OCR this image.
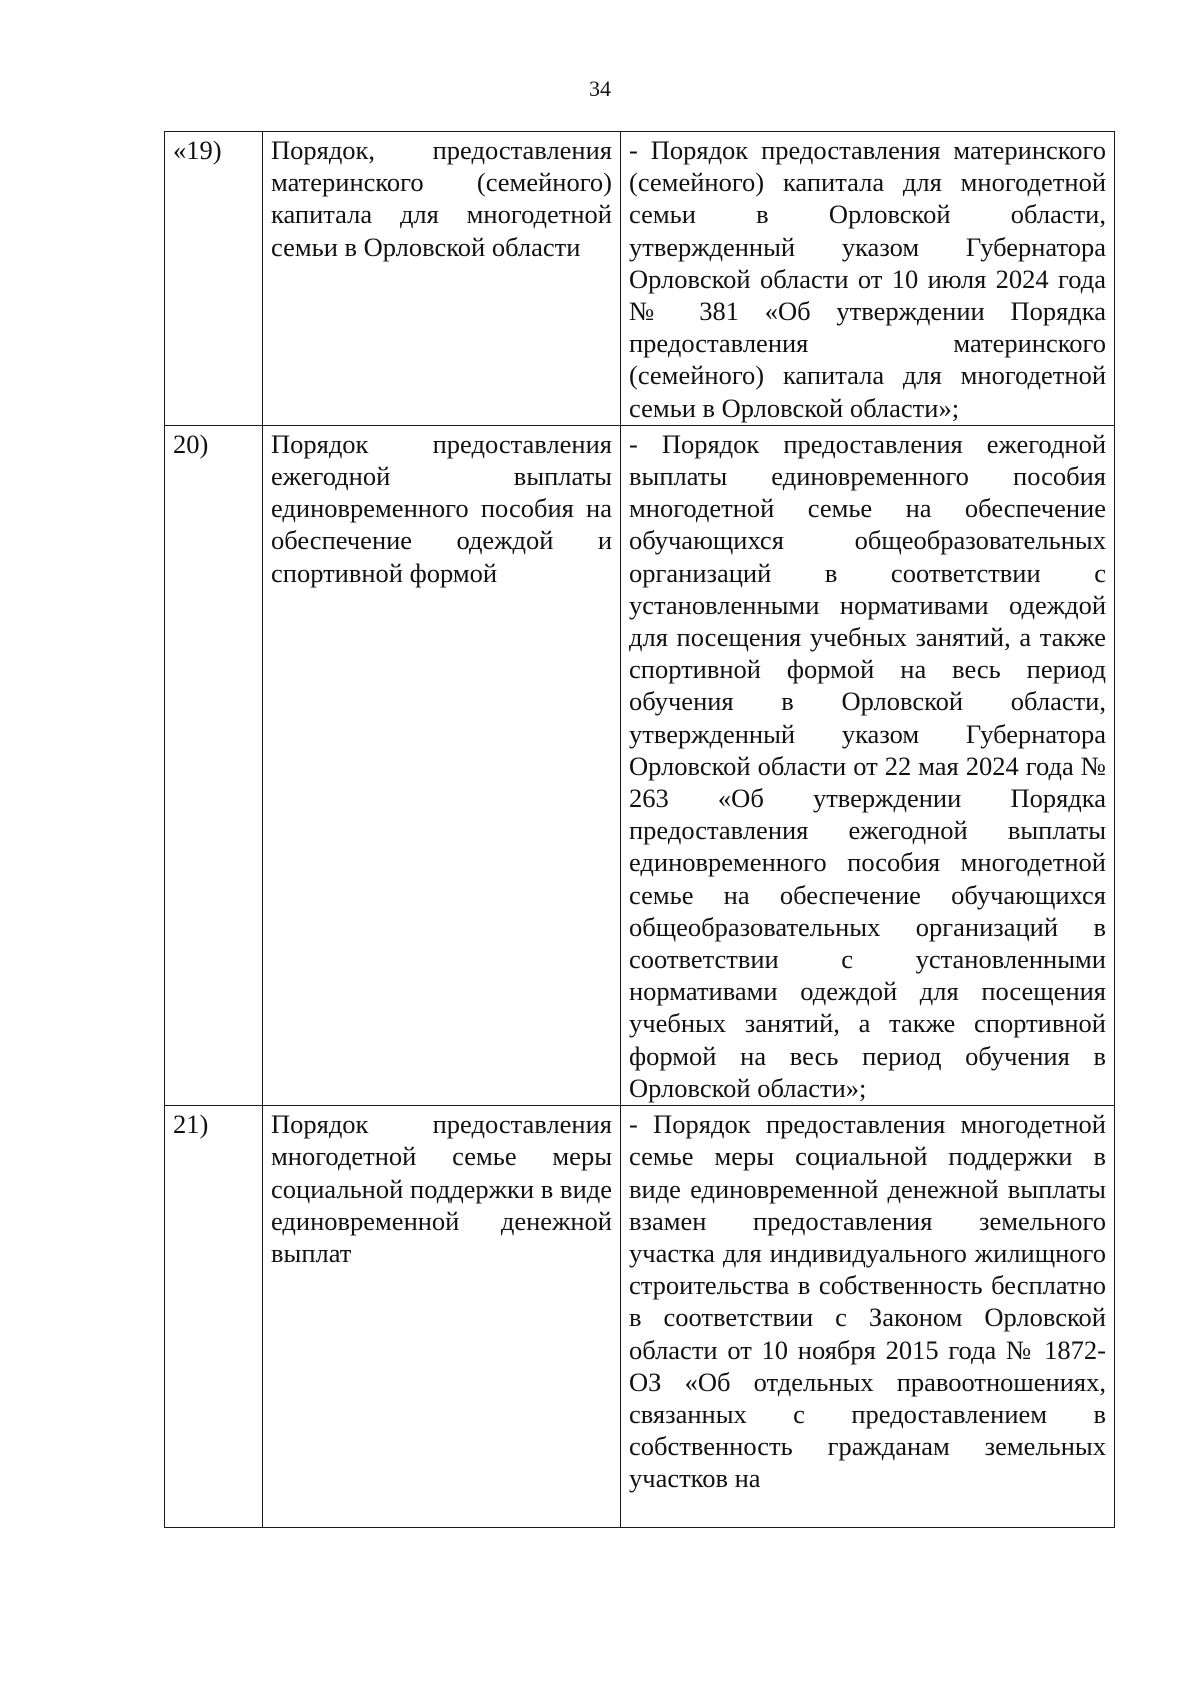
34
«19)	Порядок, предоставления материнского (семейного) капитала для многодетной семьи в Орловской области	- Порядок предоставления материнского (семейного) капитала для многодетной семьи в Орловской области, утвержденный указом Губернатора Орловской области от 10 июля 2024 года № 381 «Об утверждении Порядка предоставления материнского (семейного) капитала для многодетной семьи в Орловской области»;
20)	Порядок предоставления ежегодной выплаты единовременного пособия на обеспечение одеждой и спортивной формой	- Порядок предоставления ежегодной выплаты единовременного пособия многодетной семье на обеспечение обучающихся общеобразовательных организаций в соответствии с установленными нормативами одеждой для посещения учебных занятий, а также спортивной формой на весь период обучения в Орловской области, утвержденный указом Губернатора Орловской области от 22 мая 2024 года № 263 «Об утверждении Порядка предоставления ежегодной выплаты единовременного пособия многодетной семье на обеспечение обучающихся общеобразовательных организаций в соответствии с установленными нормативами одеждой для посещения учебных занятий, а также спортивной формой на весь период обучения в Орловской области»;
21)	Порядок предоставления многодетной семье меры социальной поддержки в виде единовременной денежной выплат	- Порядок предоставления многодетной семье меры социальной поддержки в виде единовременной денежной выплаты взамен предоставления земельного участка для индивидуального жилищного строительства в собственность бесплатно в соответствии с Законом Орловской области от 10 ноября 2015 года № 1872-ОЗ «Об отдельных правоотношениях, связанных с предоставлением в собственность гражданам земельных участков на
